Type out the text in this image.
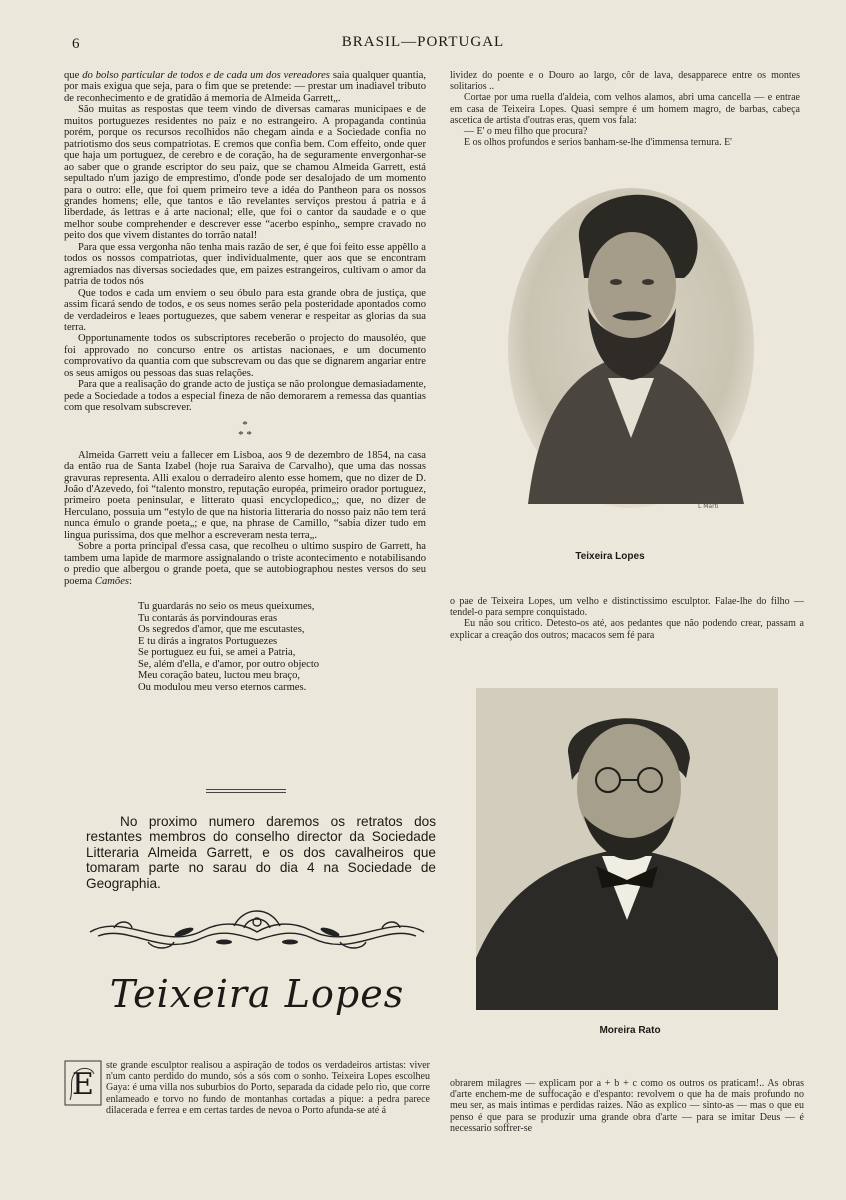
6	BRASIL—PORTUGAL

que do bolso particular de todos e de cada um dos vereadores saia qualquer quantia, por mais exigua que seja, para o fim que se pretende: — prestar um inadiavel tributo de reconhecimento e de gratidão á memoria de Almeida Garrett„.

São muitas as respostas que teem vindo de diversas camaras municipaes e de muitos portuguezes residentes no paiz e no estrangeiro. A propaganda continúa porém, porque os recursos recolhidos não chegam ainda e a Sociedade confia no patriotismo dos seus compatriotas. E cremos que confia bem. Com effeito, onde quer que haja um portuguez, de cerebro e de coração, ha de seguramente envergonhar-se ao saber que o grande escriptor do seu paiz, que se chamou Almeida Garrett, está sepultado n'um jazigo de emprestimo, d'onde pode ser desalojado de um momento para o outro: elle, que foi quem primeiro teve a idéa do Pantheon para os nossos grandes homens; elle, que tantos e tão revelantes serviços prestou á patria e á liberdade, ás lettras e á arte nacional; elle, que foi o cantor da saudade e o que melhor soube comprehender e descrever esse “acerbo espinho„ sempre cravado no peito dos que vivem distantes do torrão natal!

Para que essa vergonha não tenha mais razão de ser, é que foi feito esse appêllo a todos os nossos compatriotas, quer individualmente, quer aos que se encontram agremiados nas diversas sociedades que, em paizes estrangeiros, cultivam o amor da patria de todos nós

Que todos e cada um enviem o seu óbulo para esta grande obra de justiça, que assim ficará sendo de todos, e os seus nomes serão pela posteridade apontados como de verdadeiros e leaes portuguezes, que sabem venerar e respeitar as glorias da sua terra.

Opportunamente todos os subscriptores receberão o projecto do mausoléo, que foi approvado no concurso entre os artistas nacionaes, e um documento comprovativo da quantia com que subscrevam ou das que se dignarem angariar entre os seus amigos ou pessoas das suas relações.

Para que a realisação do grande acto de justiça se não prolongue demasiadamente, pede a Sociedade a todos a especial fineza de não demorarem a remessa das quantias com que resolvam subscrever.

*
* *

Almeida Garrett veiu a fallecer em Lisboa, aos 9 de dezembro de 1854, na casa da então rua de Santa Izabel (hoje rua Saraiva de Carvalho), que uma das nossas gravuras representa. Alli exalou o derradeiro alento esse homem, que no dizer de D. João d'Azevedo, foi “talento monstro, reputação européa, primeiro orador portuguez, primeiro poeta peninsular, e litterato quasi encyclopedico„; que, no dizer de Herculano, possuia um “estylo de que na historia litteraria do nosso paiz não tem terá nunca émulo o grande poeta„; e que, na phrase de Camillo, “sabia dizer tudo em lingua purissima, dos que melhor a escreveram nesta terra„.

Sobre a porta principal d'essa casa, que recolheu o ultimo suspiro de Garrett, ha tambem uma lapide de marmore assignalando o triste acontecimento e notabilisando o predio que albergou o grande poeta, que se autobiographou nestes versos do seu poema Camões:

Tu guardarás no seio os meus queixumes,
Tu contarás ás porvindouras eras
Os segredos d'amor, que me escutastes,
E tu dirás a ingratos Portuguezes
Se portuguez eu fui, se amei a Patria,
Se, além d'ella, e d'amor, por outro objecto
Meu coração bateu, luctou meu braço,
Ou modulou meu verso eternos carmes.
No proximo numero daremos os retratos dos restantes membros do conselho director da Sociedade Litteraria Almeida Garrett, e os dos cavalheiros que tomaram parte no sarau do dia 4 na Sociedade de Geographia.
Teixeira Lopes
E
ste grande esculptor realisou a aspiração de todos os verdadeiros artistas: viver n'um canto perdido do mundo, sós a sós com o sonho. Teixeira Lopes escolheu Gaya: é uma villa nos suburbios do Porto, separada da cidade pelo rio, que corre enlameado e torvo no fundo de montanhas cortadas a pique: a pedra parece dilacerada e ferrea e em certas tardes de nevoa o Porto afunda-se até á

lividez do poente e o Douro ao largo, côr de lava, desapparece entre os montes solitarios ..

Cortae por uma ruella d'aldeia, com velhos alamos, abri uma cancella — e entrae em casa de Teixeira Lopes. Quasi sempre é um homem magro, de barbas, cabeça ascetica de artista d'outras eras, quem vos fala:

— E' o meu filho que procura?

E os olhos profundos e serios banham-se-lhe d'immensa ternura. E'

L Marti
Teixeira Lopes

o pae de Teixeira Lopes, um velho e distinctissimo esculptor. Falae-lhe do filho — tendel-o para sempre conquistado.

Eu não sou critico. Detesto-os até, aos pedantes que não podendo crear, passam a explicar a creação dos outros; macacos sem fé para

Moreira Rato
obrarem milagres — explicam por a + b + c como os outros os praticam!.. As obras d'arte enchem-me de suffocação e d'espanto: revolvem o que ha de mais profundo no meu ser, as mais intimas e perdidas raizes. Não as explico — sinto-as — mas o que eu penso é que para se produzir uma grande obra d'arte — para se imitar Deus — é necessario soffrer-se
